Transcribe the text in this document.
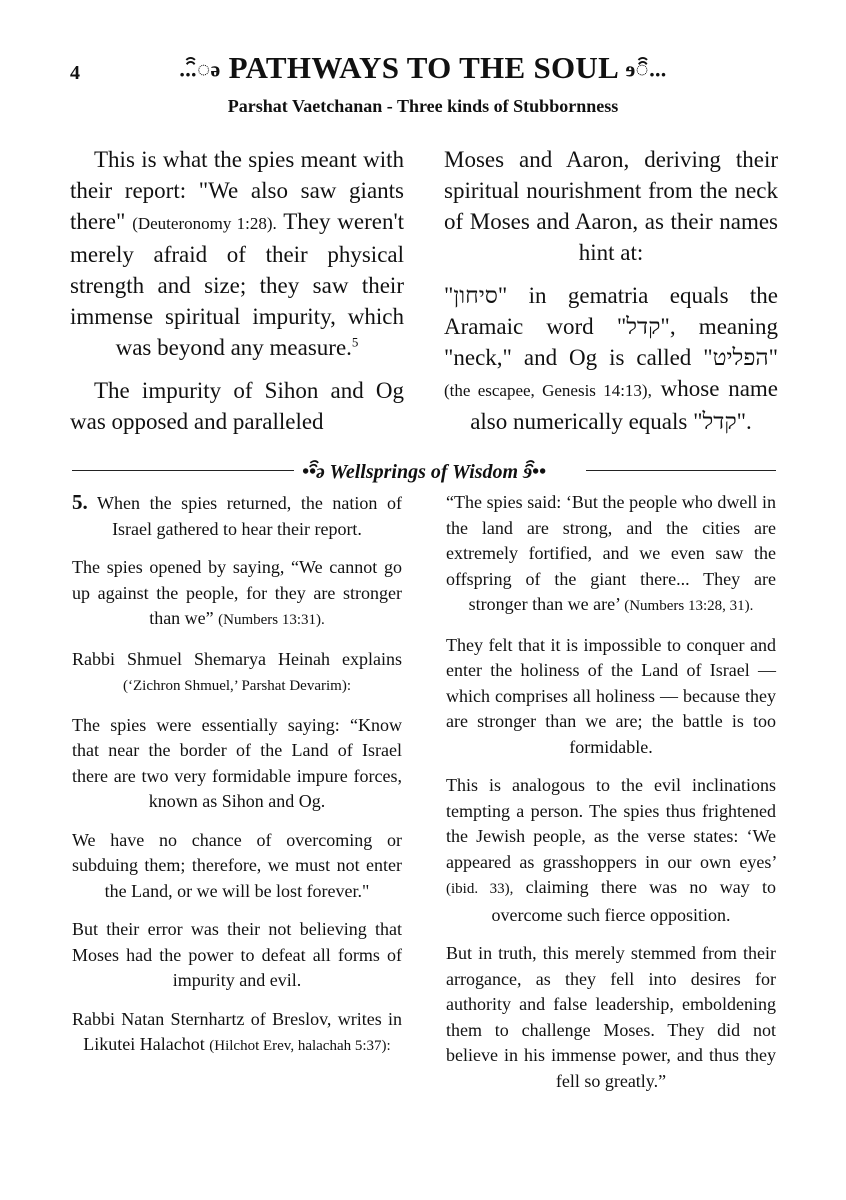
4	...ꩰ◌ə PATHWAYS TO THE SOUL ɘ◌ꩰ...
Parshat Vaetchanan - Three kinds of Stubbornness

This is what the spies meant with their report: "We also saw giants there" (Deuteronomy 1:28). They weren't merely afraid of their physical strength and size; they saw their immense spiritual impurity, which was beyond any measure.$^5$

The impurity of Sihon and Og was opposed and paralleled

Moses and Aaron, deriving their spiritual nourishment from the neck of Moses and Aaron, as their names hint at:

"סיחון" in gematria equals the Aramaic word "קדל", meaning "neck," and Og is called "הפליט" (the escapee, Genesis 14:13), whose name also numerically equals "קדל".

••ꩰə Wellsprings of Wisdom ɘꩰ••

5. When the spies returned, the nation of Israel gathered to hear their report.

The spies opened by saying, “We cannot go up against the people, for they are stronger than we” (Numbers 13:31).

Rabbi Shmuel Shemarya Heinah explains (‘Zichron Shmuel,’ Parshat Devarim):

The spies were essentially saying: “Know that near the border of the Land of Israel there are two very formidable impure forces, known as Sihon and Og.

We have no chance of overcoming or subduing them; therefore, we must not enter the Land, or we will be lost forever."

But their error was their not believing that Moses had the power to defeat all forms of impurity and evil.

Rabbi Natan Sternhartz of Breslov, writes in Likutei Halachot (Hilchot Erev, halachah 5:37):

“The spies said: ‘But the people who dwell in the land are strong, and the cities are extremely fortified, and we even saw the offspring of the giant there... They are stronger than we are’ (Numbers 13:28, 31).

They felt that it is impossible to conquer and enter the holiness of the Land of Israel — which comprises all holiness — because they are stronger than we are; the battle is too formidable.

This is analogous to the evil inclinations tempting a person. The spies thus frightened the Jewish people, as the verse states: ‘We appeared as grasshoppers in our own eyes’ (ibid. 33), claiming there was no way to overcome such fierce opposition.

But in truth, this merely stemmed from their arrogance, as they fell into desires for authority and false leadership, emboldening them to challenge Moses. They did not believe in his immense power, and thus they fell so greatly.”
